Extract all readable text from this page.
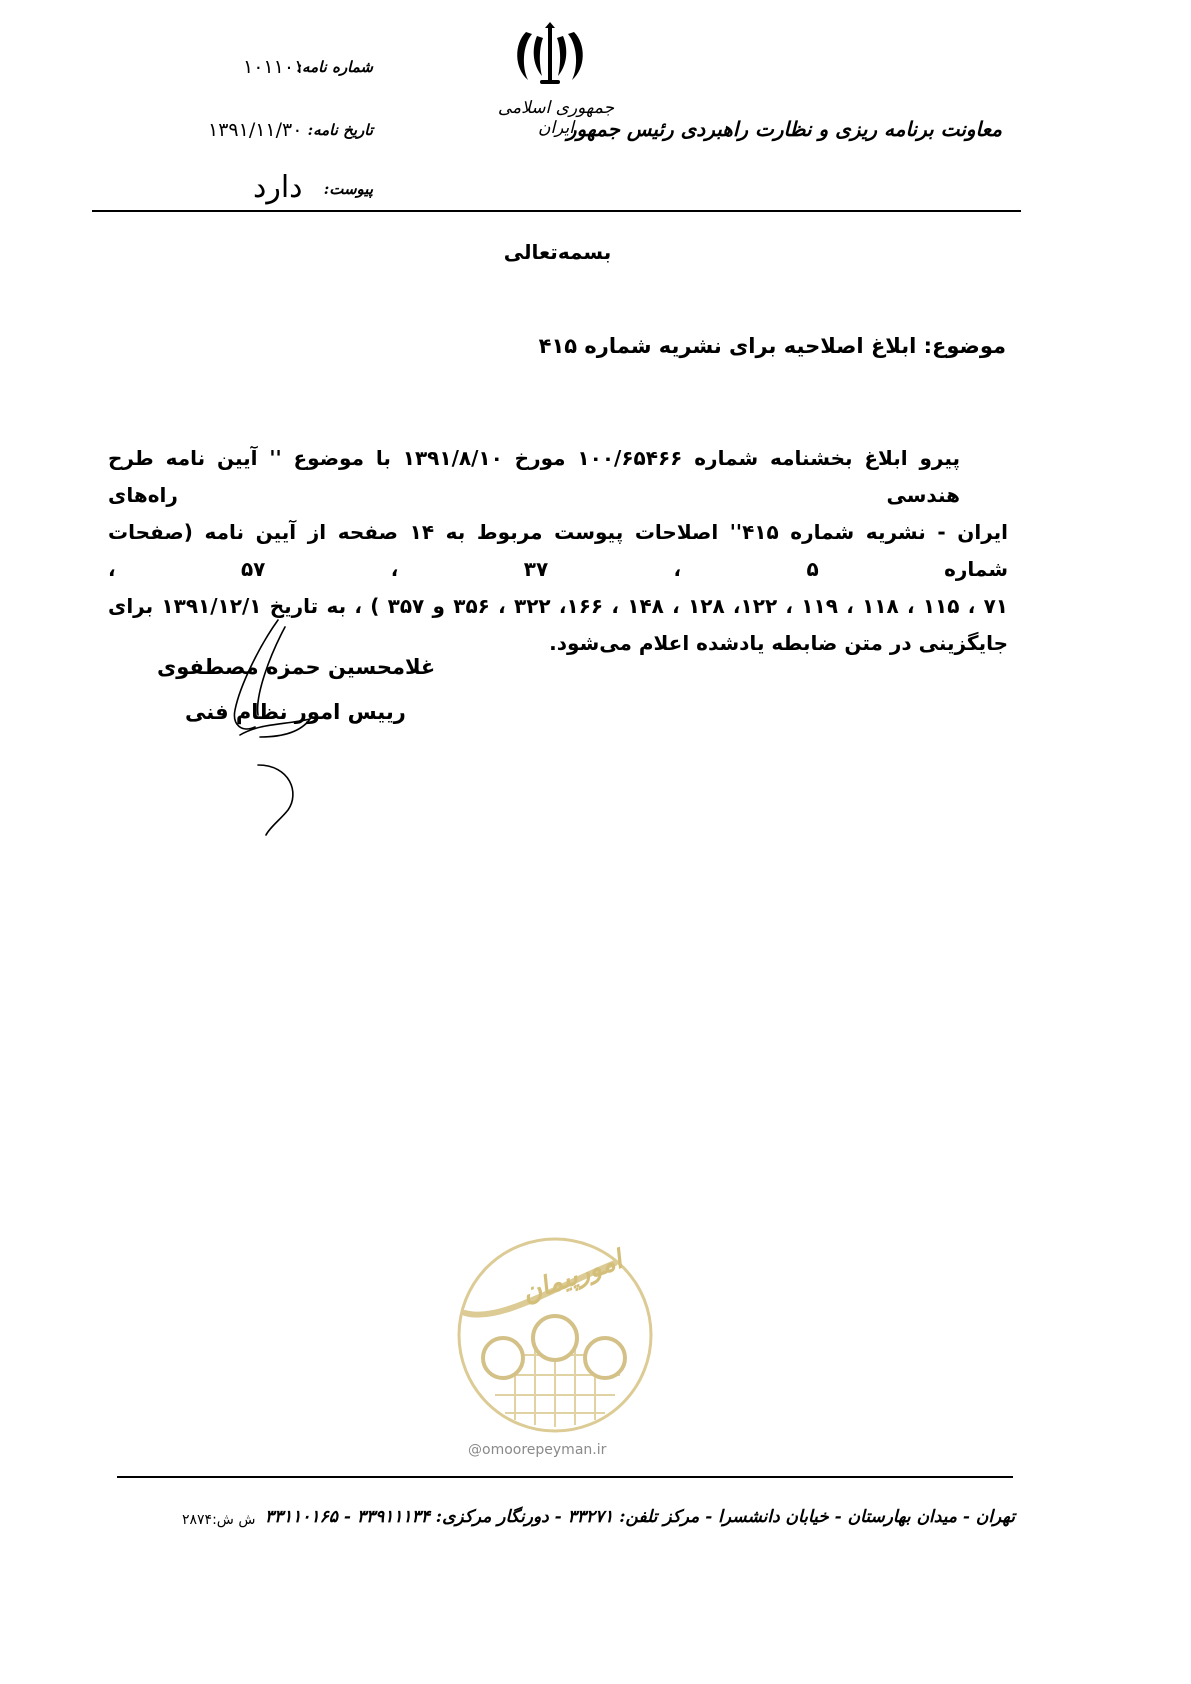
شماره نامه:
۱۰۱۱۰۱
تاریخ نامه:
۱۳۹۱/۱۱/۳۰
پیوست:
دارد
جمهوری اسلامی ایران
معاونت برنامه ریزی و نظارت راهبردی رئیس جمهور
بسمه‌تعالی
موضوع: ابلاغ اصلاحیه برای نشریه شماره ۴۱۵
پیرو ابلاغ بخشنامه شماره ۱۰۰/۶۵۴۶۶ مورخ ۱۳۹۱/۸/۱۰ با موضوع '' آیین نامه طرح هندسی راه‌های
ایران - نشریه شماره ۴۱۵'' اصلاحات پیوست مربوط به ۱۴ صفحه از آیین نامه (صفحات شماره ۵ ، ۳۷ ، ۵۷ ،
۷۱ ، ۱۱۵ ، ۱۱۸ ، ۱۱۹ ، ۱۲۲، ۱۲۸ ، ۱۴۸ ، ۱۶۶، ۳۲۲ ، ۳۵۶ و ۳۵۷ ) ، به تاریخ ۱۳۹۱/۱۲/۱ برای
جایگزینی در متن ضابطه یادشده اعلام می‌شود.
غلامحسین حمزه مصطفوی
رییس امور نظام فنی
امورپیمان
@omoorepeyman.ir
تهران - میدان بهارستان - خیابان دانشسرا - مرکز تلفن: ۳۳۲۷۱ - دورنگار مرکزی: ۳۳۹۱۱۱۳۴ - ۳۳۱۱۰۱۶۵
ش ش:۲۸۷۴
